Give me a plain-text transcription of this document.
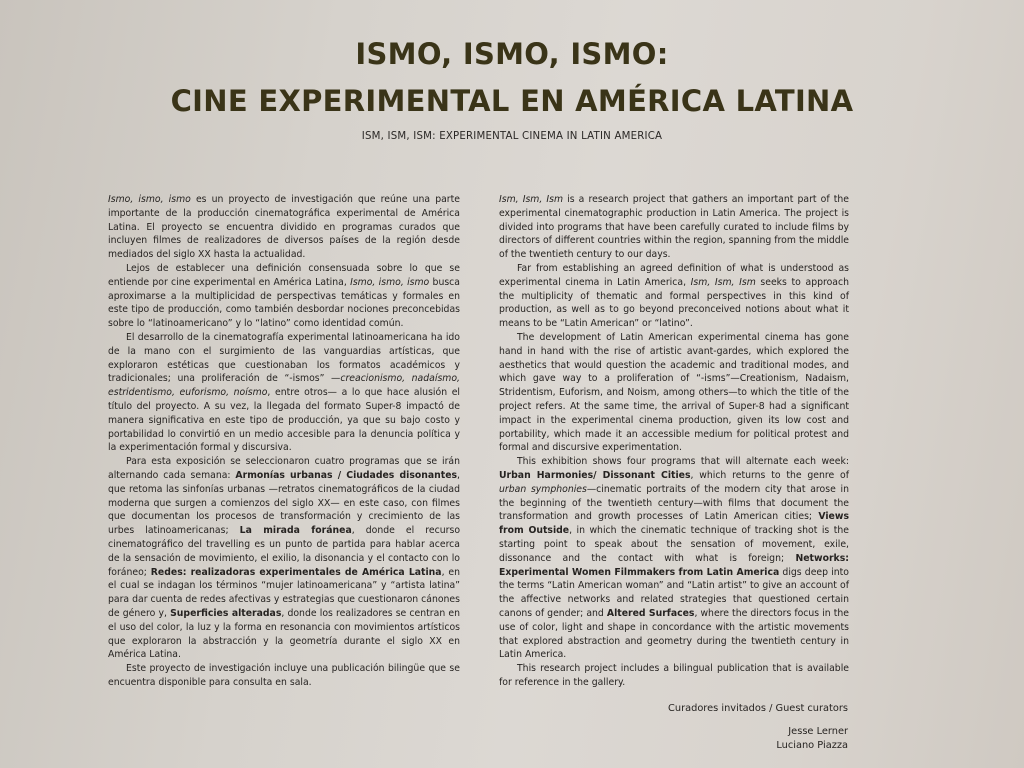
ISMO, ISMO, ISMO:
CINE EXPERIMENTAL EN AMÉRICA LATINA
ISM, ISM, ISM: EXPERIMENTAL CINEMA IN LATIN AMERICA

Ismo, ismo, ismo es un proyecto de investigación que reúne una parte importante de la producción cinematográfica experimental de América Latina. El proyecto se encuentra dividido en programas curados que incluyen filmes de realizadores de diversos países de la región desde mediados del siglo XX hasta la actualidad.

Lejos de establecer una definición consensuada sobre lo que se entiende por cine experimental en América Latina, Ismo, ismo, ismo busca aproximarse a la multiplicidad de perspectivas temáticas y formales en este tipo de producción, como también desbordar nociones preconcebidas sobre lo “latinoamericano” y lo “latino” como identidad común.

El desarrollo de la cinematografía experimental latinoamericana ha ido de la mano con el surgimiento de las vanguardias artísticas, que exploraron estéticas que cuestionaban los formatos académicos y tradicionales; una proliferación de “-ismos” —creacionismo, nadaísmo, estridentismo, euforismo, noísmo, entre otros— a lo que hace alusión el título del proyecto. A su vez, la llegada del formato Super-8 impactó de manera significativa en este tipo de producción, ya que su bajo costo y portabilidad lo convirtió en un medio accesible para la denuncia política y la experimentación formal y discursiva.

Para esta exposición se seleccionaron cuatro programas que se irán alternando cada semana: Armonías urbanas / Ciudades disonantes, que retoma las sinfonías urbanas —retratos cinematográficos de la ciudad moderna que surgen a comienzos del siglo XX— en este caso, con filmes que documentan los procesos de transformación y crecimiento de las urbes latinoamericanas; La mirada foránea, donde el recurso cinematográfico del travelling es un punto de partida para hablar acerca de la sensación de movimiento, el exilio, la disonancia y el contacto con lo foráneo; Redes: realizadoras experimentales de América Latina, en el cual se indagan los términos “mujer latinoamericana” y “artista latina” para dar cuenta de redes afectivas y estrategias que cuestionaron cánones de género y, Superficies alteradas, donde los realizadores se centran en el uso del color, la luz y la forma en resonancia con movimientos artísticos que exploraron la abstracción y la geometría durante el siglo XX en América Latina.

Este proyecto de investigación incluye una publicación bilingüe que se encuentra disponible para consulta en sala.

Ism, Ism, Ism is a research project that gathers an important part of the experimental cinematographic production in Latin America. The project is divided into programs that have been carefully curated to include films by directors of different countries within the region, spanning from the middle of the twentieth century to our days.

Far from establishing an agreed definition of what is understood as experimental cinema in Latin America, Ism, Ism, Ism seeks to approach the multiplicity of thematic and formal perspectives in this kind of production, as well as to go beyond preconceived notions about what it means to be “Latin American” or “latino”.

The development of Latin American experimental cinema has gone hand in hand with the rise of artistic avant-gardes, which explored the aesthetics that would question the academic and traditional modes, and which gave way to a proliferation of “-isms”—Creationism, Nadaism, Stridentism, Euforism, and Noism, among others—to which the title of the project refers. At the same time, the arrival of Super-8 had a significant impact in the experimental cinema production, given its low cost and portability, which made it an accessible medium for political protest and formal and discursive experimentation.

This exhibition shows four programs that will alternate each week: Urban Harmonies/ Dissonant Cities, which returns to the genre of urban symphonies—cinematic portraits of the modern city that arose in the beginning of the twentieth century—with films that document the transformation and growth processes of Latin American cities; Views from Outside, in which the cinematic technique of tracking shot is the starting point to speak about the sensation of movement, exile, dissonance and the contact with what is foreign; Networks: Experimental Women Filmmakers from Latin America digs deep into the terms “Latin American woman” and “Latin artist” to give an account of the affective networks and related strategies that questioned certain canons of gender; and Altered Surfaces, where the directors focus in the use of color, light and shape in concordance with the artistic movements that explored abstraction and geometry during the twentieth century in Latin America.

This research project includes a bilingual publication that is available for reference in the gallery.

Curadores invitados / Guest curators
Jesse Lerner
Luciano Piazza
